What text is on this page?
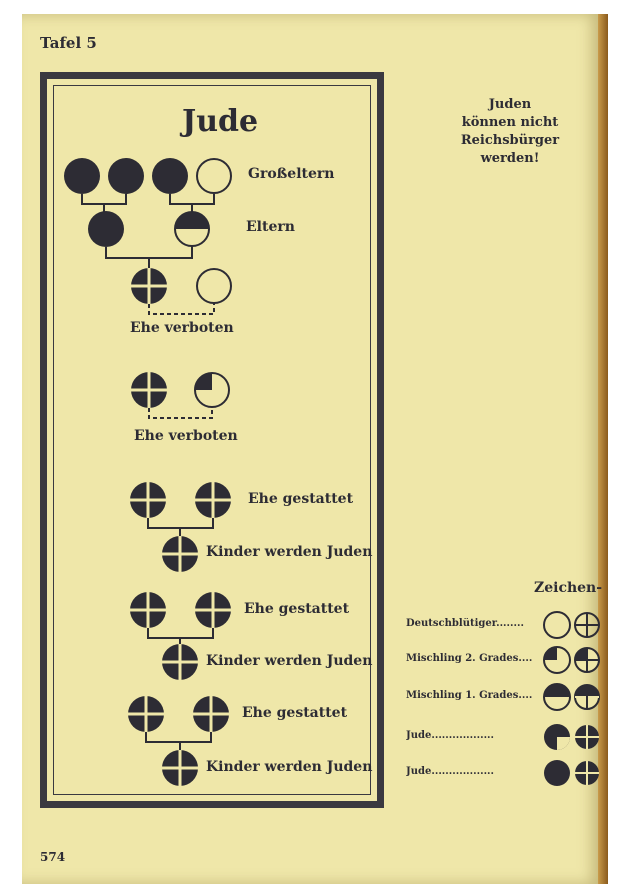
Tafel 5
574
Jude
Großeltern
Eltern
Ehe verboten
Ehe verboten
Ehe gestattet
Kinder werden Juden
Ehe gestattet
Kinder werden Juden
Ehe gestattet
Kinder werden Juden
Juden
können nicht
Reichsbürger
werden!
Zeichen-
Deutschblütiger........
Mischling 2. Grades....
Mischling 1. Grades....
Jude..................
Jude..................
